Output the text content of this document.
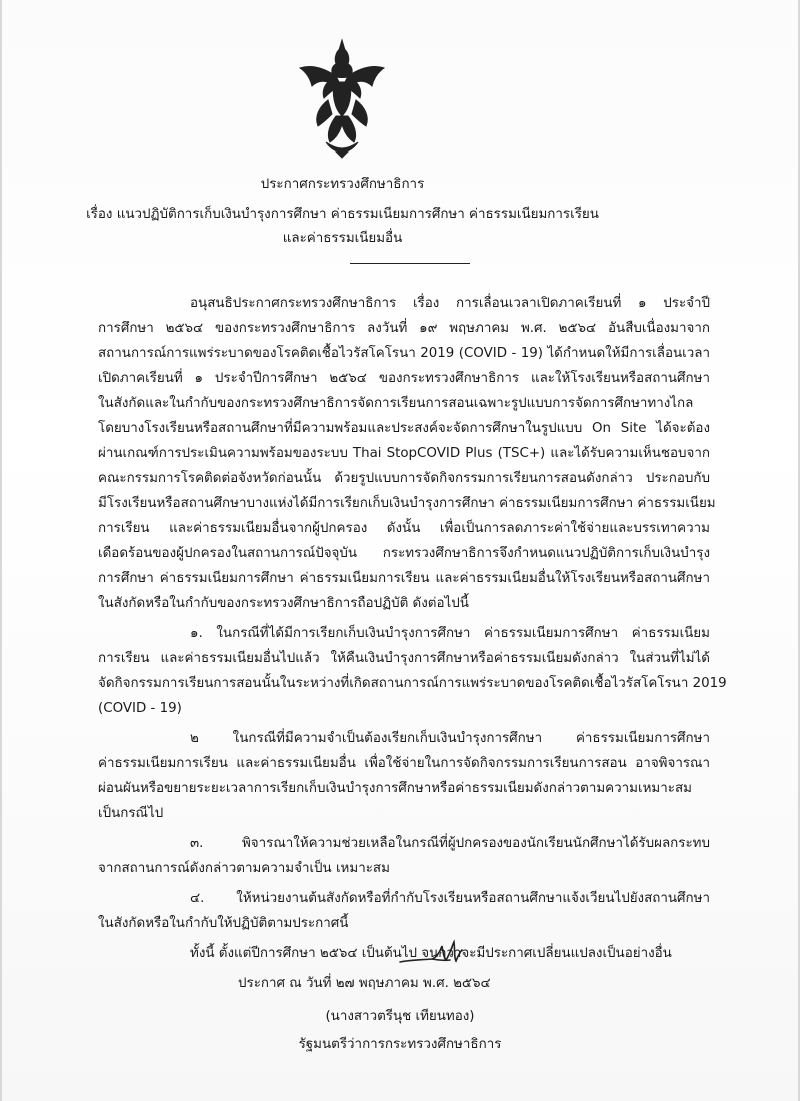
ประกาศกระทรวงศึกษาธิการ
เรื่อง แนวปฏิบัติการเก็บเงินบำรุงการศึกษา ค่าธรรมเนียมการศึกษา ค่าธรรมเนียมการเรียน
และค่าธรรมเนียมอื่น
อนุสนธิประกาศกระทรวงศึกษาธิการ เรื่อง การเลื่อนเวลาเปิดภาคเรียนที่ ๑ ประจำปี
การศึกษา ๒๕๖๔ ของกระทรวงศึกษาธิการ ลงวันที่ ๑๙ พฤษภาคม พ.ศ. ๒๕๖๔ อันสืบเนื่องมาจาก
สถานการณ์การแพร่ระบาดของโรคติดเชื้อไวรัสโคโรนา 2019 (COVID - 19) ได้กำหนดให้มีการเลื่อนเวลา
เปิดภาคเรียนที่ ๑ ประจำปีการศึกษา ๒๕๖๔ ของกระทรวงศึกษาธิการ และให้โรงเรียนหรือสถานศึกษา
ในสังกัดและในกำกับของกระทรวงศึกษาธิการจัดการเรียนการสอนเฉพาะรูปแบบการจัดการศึกษาทางไกล
โดยบางโรงเรียนหรือสถานศึกษาที่มีความพร้อมและประสงค์จะจัดการศึกษาในรูปแบบ On Site ได้จะต้อง
ผ่านเกณฑ์การประเมินความพร้อมของระบบ Thai StopCOVID Plus (TSC+) และได้รับความเห็นชอบจาก
คณะกรรมการโรคติดต่อจังหวัดก่อนนั้น ด้วยรูปแบบการจัดกิจกรรมการเรียนการสอนดังกล่าว ประกอบกับ
มีโรงเรียนหรือสถานศึกษาบางแห่งได้มีการเรียกเก็บเงินบำรุงการศึกษา ค่าธรรมเนียมการศึกษา ค่าธรรมเนียม
การเรียน และค่าธรรมเนียมอื่นจากผู้ปกครอง ดังนั้น เพื่อเป็นการลดภาระค่าใช้จ่ายและบรรเทาความ
เดือดร้อนของผู้ปกครองในสถานการณ์ปัจจุบัน กระทรวงศึกษาธิการจึงกำหนดแนวปฏิบัติการเก็บเงินบำรุง
การศึกษา ค่าธรรมเนียมการศึกษา ค่าธรรมเนียมการเรียน และค่าธรรมเนียมอื่นให้โรงเรียนหรือสถานศึกษา
ในสังกัดหรือในกำกับของกระทรวงศึกษาธิการถือปฏิบัติ ดังต่อไปนี้
๑. ในกรณีที่ได้มีการเรียกเก็บเงินบำรุงการศึกษา ค่าธรรมเนียมการศึกษา ค่าธรรมเนียม
การเรียน และค่าธรรมเนียมอื่นไปแล้ว ให้คืนเงินบำรุงการศึกษาหรือค่าธรรมเนียมดังกล่าว ในส่วนที่ไม่ได้
จัดกิจกรรมการเรียนการสอนนั้นในระหว่างที่เกิดสถานการณ์การแพร่ระบาดของโรคติดเชื้อไวรัสโคโรนา 2019
(COVID - 19)
๒ ในกรณีที่มีความจำเป็นต้องเรียกเก็บเงินบำรุงการศึกษา ค่าธรรมเนียมการศึกษา
ค่าธรรมเนียมการเรียน และค่าธรรมเนียมอื่น เพื่อใช้จ่ายในการจัดกิจกรรมการเรียนการสอน อาจพิจารณา
ผ่อนผันหรือขยายระยะเวลาการเรียกเก็บเงินบำรุงการศึกษาหรือค่าธรรมเนียมดังกล่าวตามความเหมาะสม
เป็นกรณีไป
๓. พิจารณาให้ความช่วยเหลือในกรณีที่ผู้ปกครองของนักเรียนนักศึกษาได้รับผลกระทบ
จากสถานการณ์ดังกล่าวตามความจำเป็น เหมาะสม
๔. ให้หน่วยงานต้นสังกัดหรือที่กำกับโรงเรียนหรือสถานศึกษาแจ้งเวียนไปยังสถานศึกษา
ในสังกัดหรือในกำกับให้ปฏิบัติตามประกาศนี้
ทั้งนี้ ตั้งแต่ปีการศึกษา ๒๕๖๔ เป็นต้นไป จนกว่าจะมีประกาศเปลี่ยนแปลงเป็นอย่างอื่น
ประกาศ ณ วันที่ ๒๗ พฤษภาคม พ.ศ. ๒๕๖๔
(นางสาวตรีนุช เทียนทอง)
รัฐมนตรีว่าการกระทรวงศึกษาธิการ
